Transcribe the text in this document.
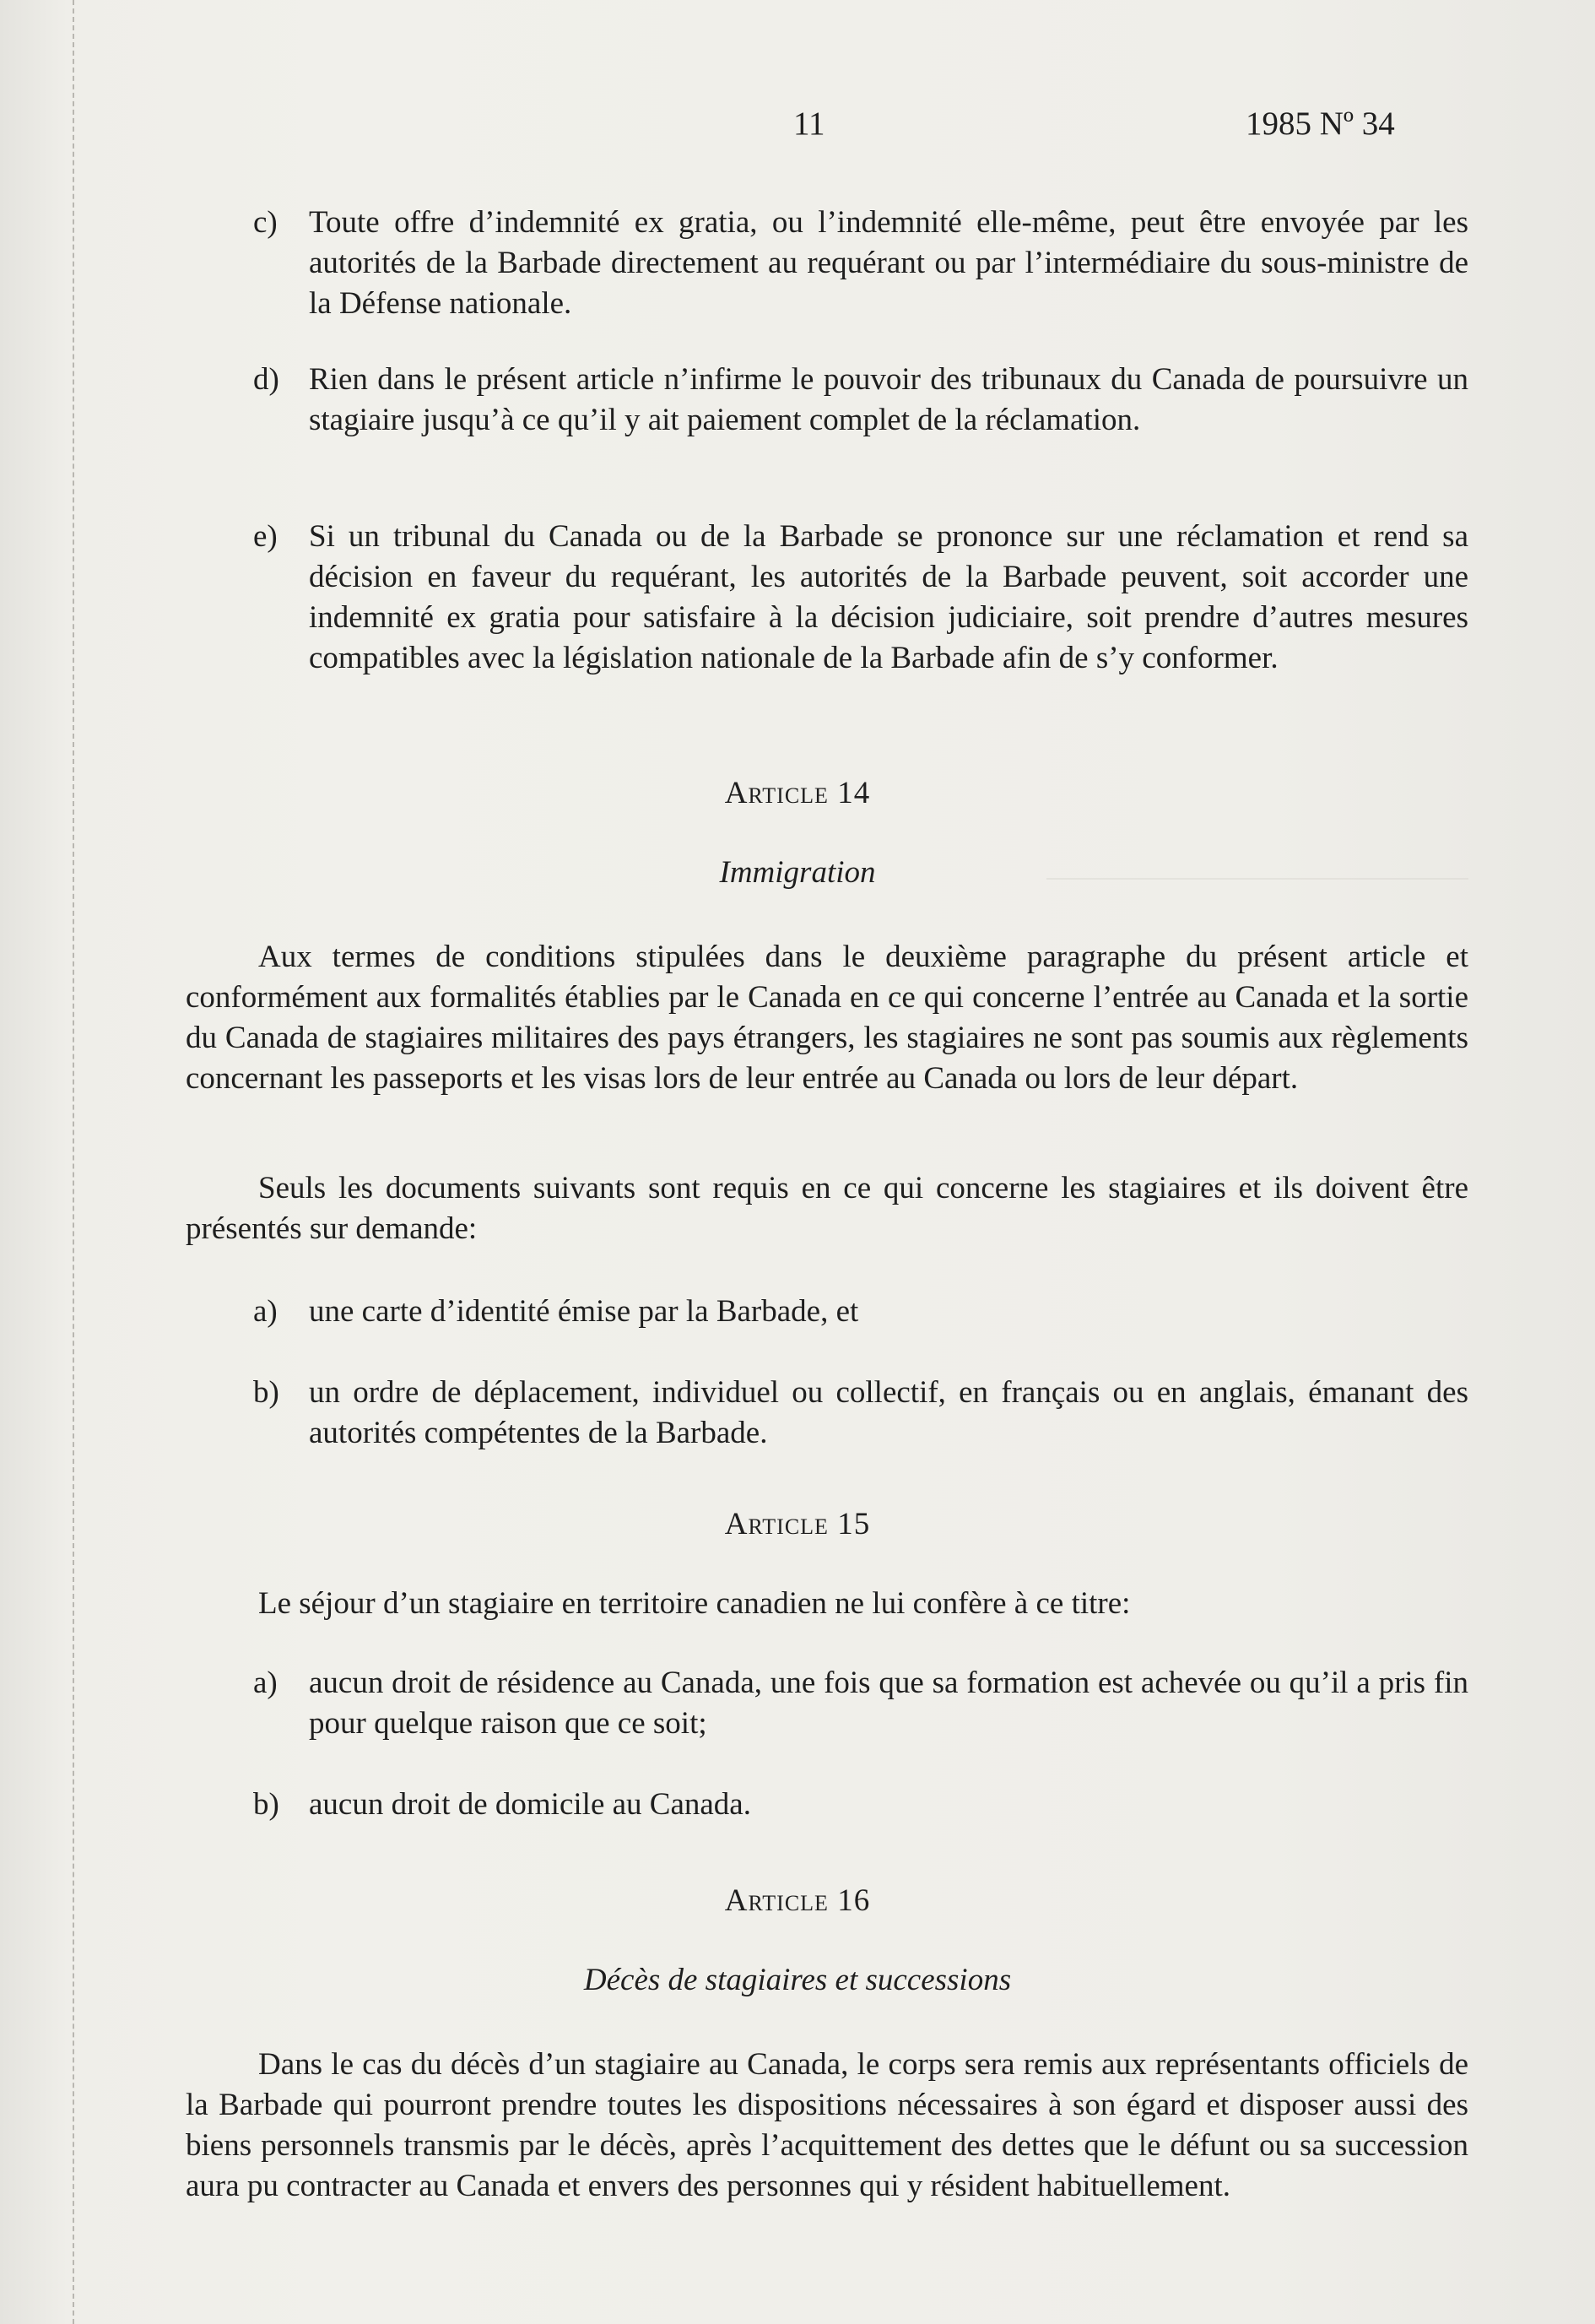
11	1985 Nº 34
c)	Toute offre d’indemnité ex gratia, ou l’indemnité elle-même, peut être envoyée par les autorités de la Barbade directement au requérant ou par l’intermédiaire du sous-ministre de la Défense nationale.
d) Rien dans le présent article n’infirme le pouvoir des tribunaux du Canada de poursuivre un stagiaire jusqu’à ce qu’il y ait paiement complet de la réclamation.
e)	Si un tribunal du Canada ou de la Barbade se prononce sur une réclamation et rend sa décision en faveur du requérant, les autorités de la Barbade peuvent, soit accorder une indemnité ex gratia pour satisfaire à la décision judiciaire, soit prendre d’autres mesures compatibles avec la législation nationale de la Barbade afin de s’y conformer.
Article 14
Immigration
Aux termes de conditions stipulées dans le deuxième paragraphe du présent article et conformément aux formalités établies par le Canada en ce qui concerne l’entrée au Canada et la sortie du Canada de stagiaires militaires des pays étrangers, les stagiaires ne sont pas soumis aux règlements concernant les passeports et les visas lors de leur entrée au Canada ou lors de leur départ.
Seuls les documents suivants sont requis en ce qui concerne les stagiaires et ils doivent être présentés sur demande:
a)	une carte d’identité émise par la Barbade, et
b) un ordre de déplacement, individuel ou collectif, en français ou en anglais, émanant des autorités compétentes de la Barbade.
Article 15
Le séjour d’un stagiaire en territoire canadien ne lui confère à ce titre:
a)	aucun droit de résidence au Canada, une fois que sa formation est achevée ou qu’il a pris fin pour quelque raison que ce soit;
b) aucun droit de domicile au Canada.
Article 16
Décès de stagiaires et successions
Dans le cas du décès d’un stagiaire au Canada, le corps sera remis aux représentants officiels de la Barbade qui pourront prendre toutes les dispositions nécessaires à son égard et disposer aussi des biens personnels transmis par le décès, après l’acquittement des dettes que le défunt ou sa succession aura pu contracter au Canada et envers des personnes qui y résident habituellement.
